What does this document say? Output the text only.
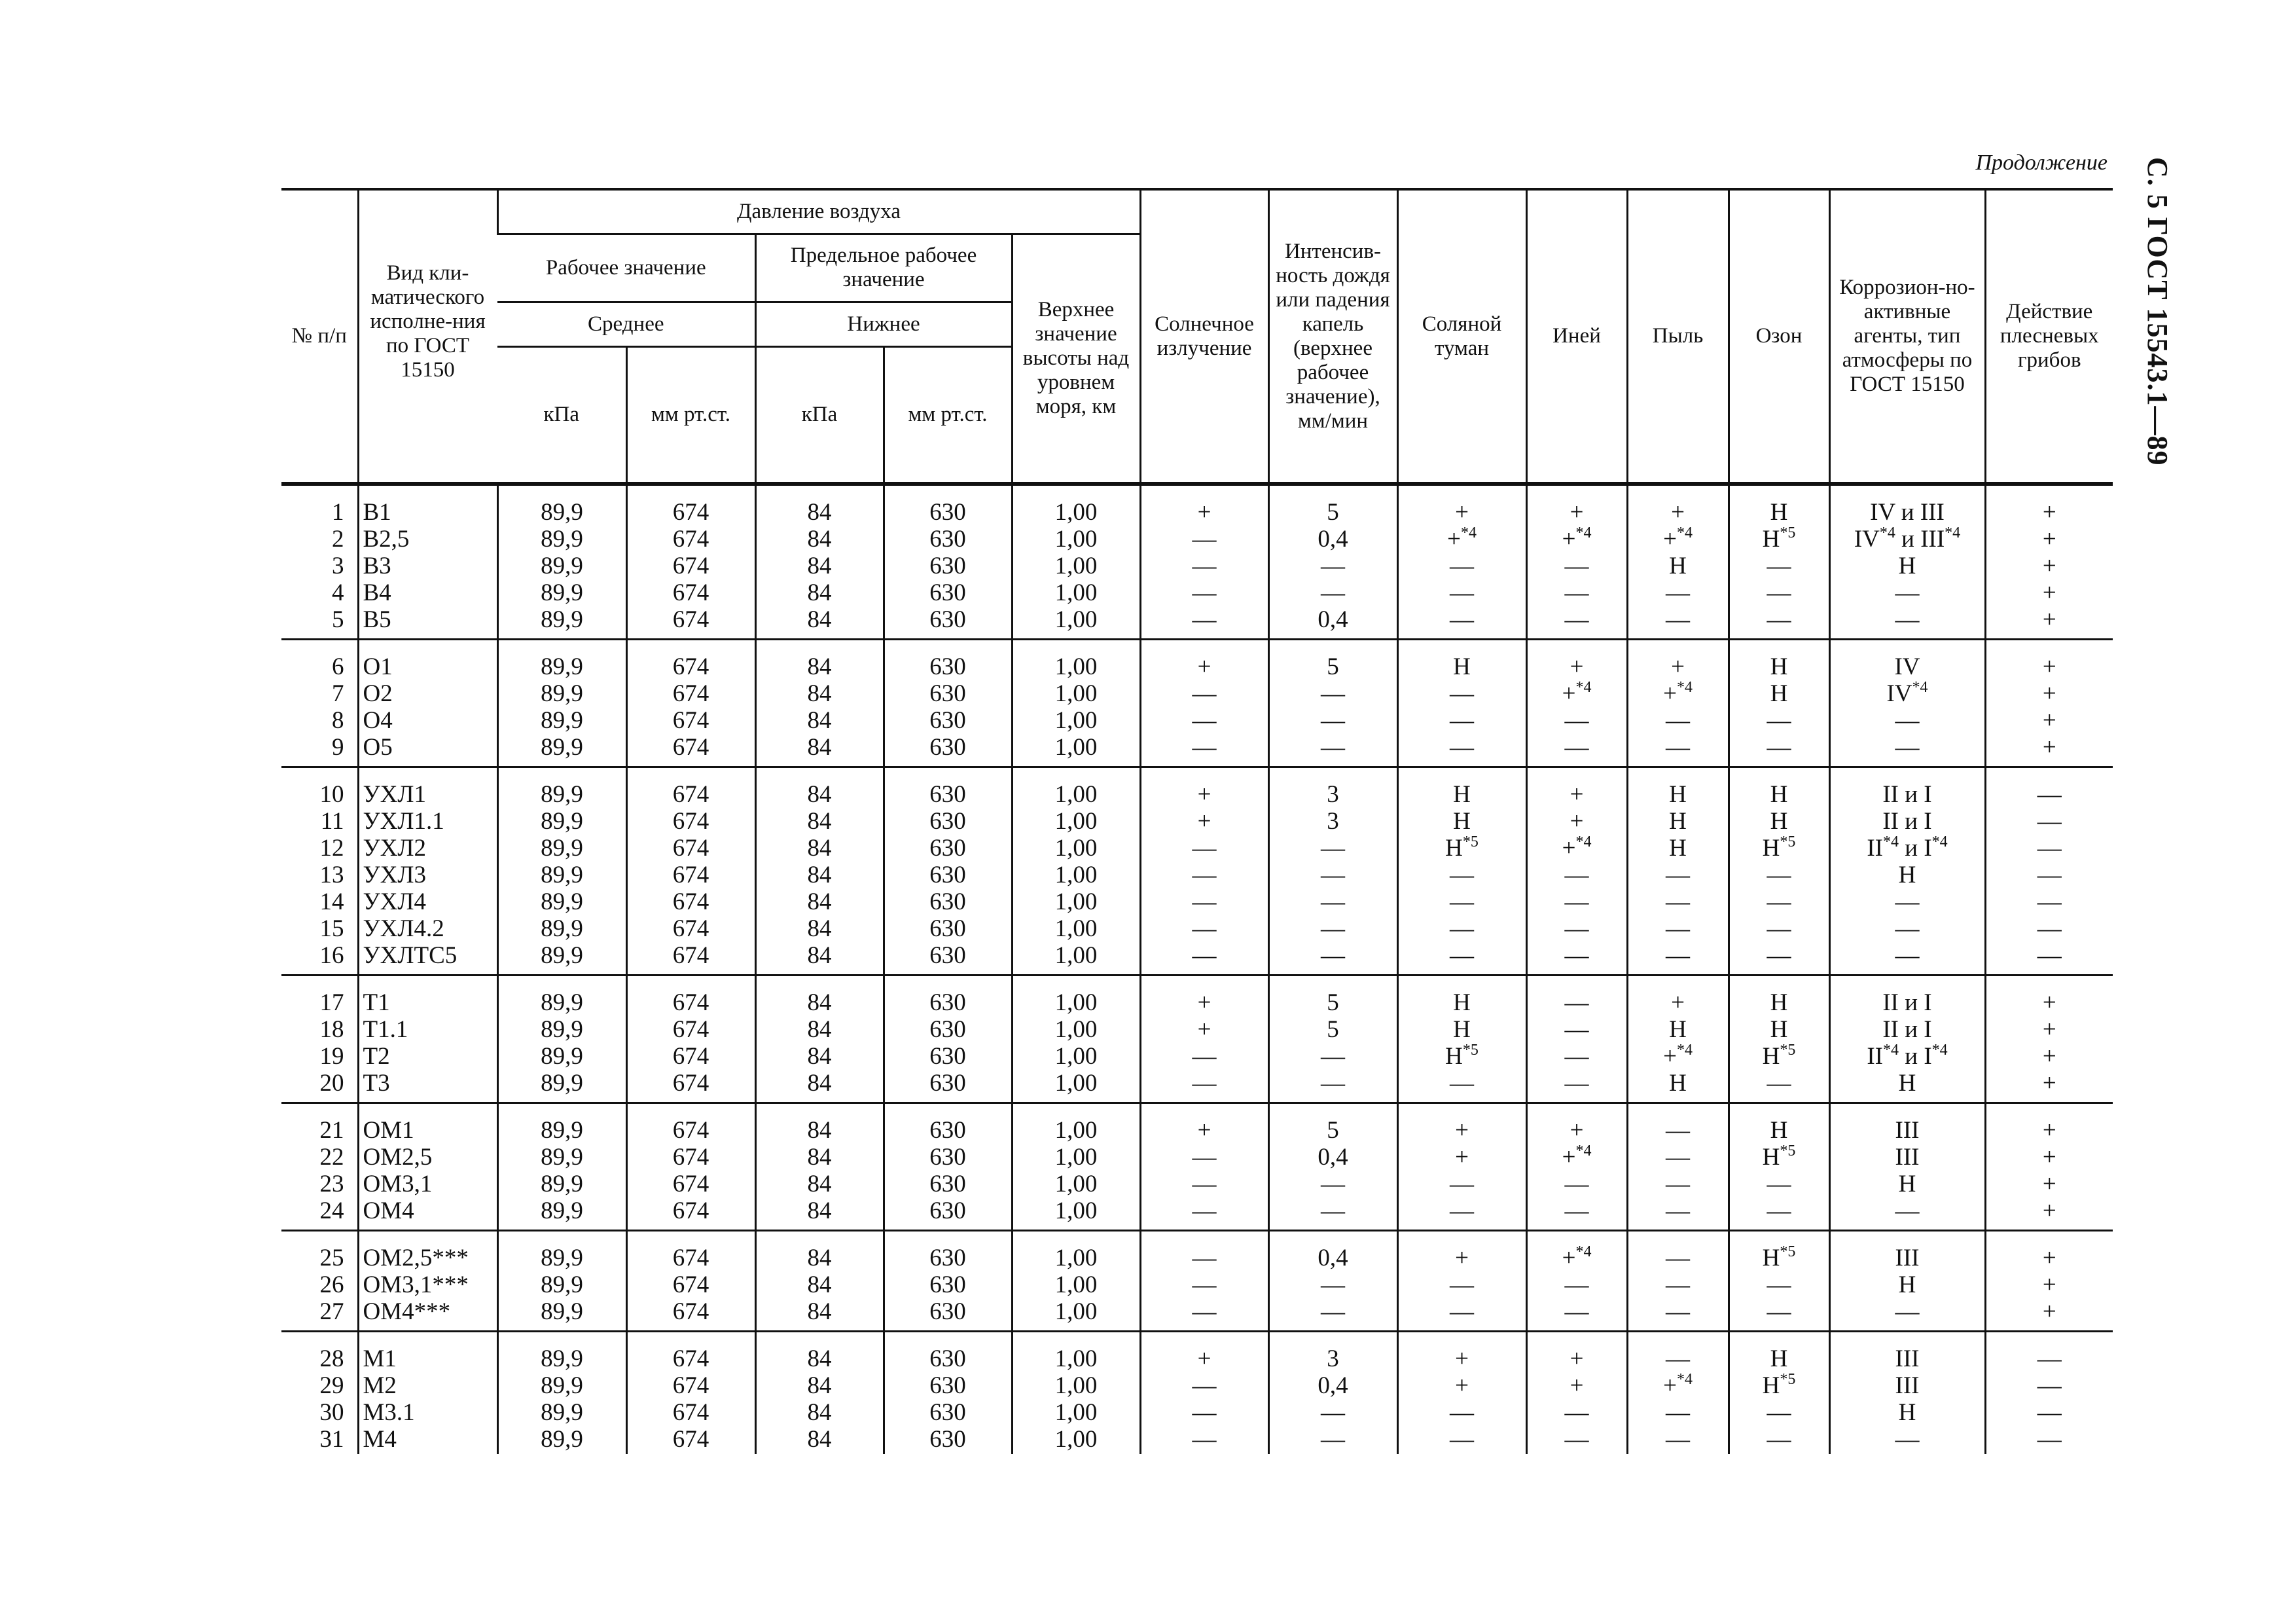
Продолжение С. 5 ГОСТ 15543.1—89
№ п/п	Вид кли-матического исполне-ния по ГОСТ 15150	Давление воздуха					Солнечное излучение	Интенсив-ность дождя или падения капель (верхнее рабочее значение), мм/мин	Соляной туман	Иней	Пыль	Озон	Коррозион-но-активные агенты, тип атмосферы по ГОСТ 15150	Действие плесневых грибов
		Рабочее значение		Предельное рабочее значение		Верхнее значение высоты над уровнем моря, км								
		Среднее		Нижнее										
		кПа	мм рт.ст.	кПа	мм рт.ст.									
1	В1	89,9	674	84	630	1,00	+	5	+	+	+	Н	IV и III	+
2	В2,5	89,9	674	84	630	1,00	—	0,4	+$^{*4}$	+$^{*4}$	+$^{*4}$	$Н^{*5}$	IV$^{*4}$ и $III^{*4}$	+
3	В3	89,9	674	84	630	1,00	—	—	—	—	Н	—	Н	+
4	В4	89,9	674	84	630	1,00	—	—	—	—	—	—	—	+
5	В5	89,9	674	84	630	1,00	—	0,4	—	—	—	—	—	+
6	О1	89,9	674	84	630	1,00	+	5	Н	+	+	Н	IV	+
7	О2	89,9	674	84	630	1,00	—	—	—	+$^{*4}$	+$^{*4}$	Н	$IV^{*4}$	+
8	О4	89,9	674	84	630	1,00	—	—	—	—	—	—	—	+
9	О5	89,9	674	84	630	1,00	—	—	—	—	—	—	—	+
10	УХЛ1	89,9	674	84	630	1,00	+	3	Н	+	Н	Н	II и I	—
11	УХЛ1.1	89,9	674	84	630	1,00	+	3	Н	+	Н	Н	II и I	—
12	УХЛ2	89,9	674	84	630	1,00	—	—	$Н^{*5}$	+$^{*4}$	Н	$Н^{*5}$	II$^{*4}$ и $I^{*4}$	—
13	УХЛ3	89,9	674	84	630	1,00	—	—	—	—	—	—	Н	—
14	УХЛ4	89,9	674	84	630	1,00	—	—	—	—	—	—	—	—
15	УХЛ4.2	89,9	674	84	630	1,00	—	—	—	—	—	—	—	—
16	УХЛТС5	89,9	674	84	630	1,00	—	—	—	—	—	—	—	—
17	Т1	89,9	674	84	630	1,00	+	5	Н	—	+	Н	II и I	+
18	Т1.1	89,9	674	84	630	1,00	+	5	Н	—	Н	Н	II и I	+
19	Т2	89,9	674	84	630	1,00	—	—	$Н^{*5}$	—	+$^{*4}$	$Н^{*5}$	II$^{*4}$ и $I^{*4}$	+
20	Т3	89,9	674	84	630	1,00	—	—	—	—	Н	—	Н	+
21	ОМ1	89,9	674	84	630	1,00	+	5	+	+	—	Н	III	+
22	ОМ2,5	89,9	674	84	630	1,00	—	0,4	+	+$^{*4}$	—	$Н^{*5}$	III	+
23	ОМ3,1	89,9	674	84	630	1,00	—	—	—	—	—	—	Н	+
24	ОМ4	89,9	674	84	630	1,00	—	—	—	—	—	—	—	+
25	ОМ2,5***	89,9	674	84	630	1,00	—	0,4	+	+$^{*4}$	—	$Н^{*5}$	III	+
26	ОМ3,1***	89,9	674	84	630	1,00	—	—	—	—	—	—	Н	+
27	ОМ4***	89,9	674	84	630	1,00	—	—	—	—	—	—	—	+
28	М1	89,9	674	84	630	1,00	+	3	+	+	—	Н	III	—
29	М2	89,9	674	84	630	1,00	—	0,4	+	+	+$^{*4}$	$Н^{*5}$	III	—
30	М3.1	89,9	674	84	630	1,00	—	—	—	—	—	—	Н	—
31	М4	89,9	674	84	630	1,00	—	—	—	—	—	—	—	—
